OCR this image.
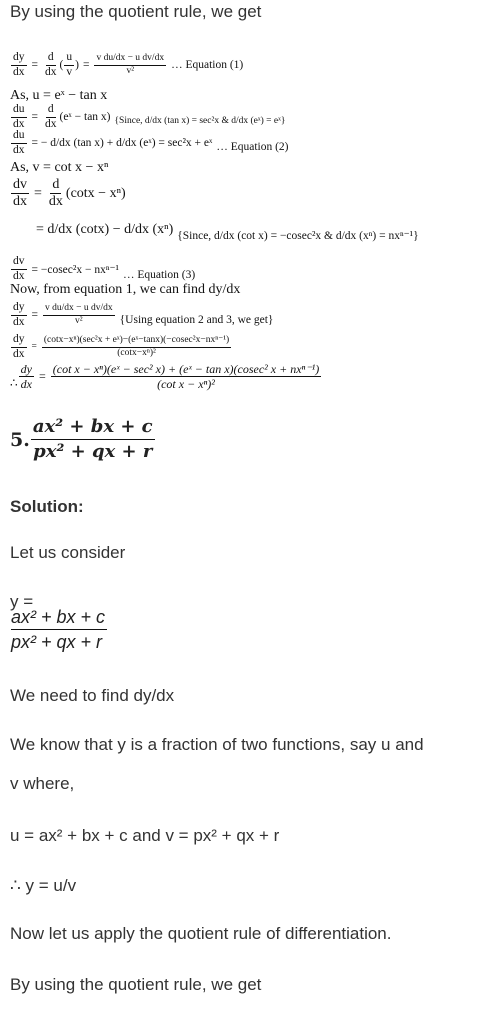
By using the quotient rule, we get
$\frac{dy}{dx} = \frac{d}{dx}$ ( $\frac{u}{v}$ ) = $\frac{\text{v du/dx − u dv/dx}}{\text{v²}}$ … Equation (1)
As, u = eˣ − tan x
$\frac{du}{dx} = \frac{d}{dx}$ (eˣ − tan x) {Since, d/dx (tan x) = sec²x & d/dx (eˣ) = eˣ}
$\frac{du}{dx}$ = − d/dx (tan x) + d/dx (eˣ) = sec²x + eˣ … Equation (2)
As, v = cot x − xⁿ
$\frac{dv}{dx} = \frac{d}{dx} (\cot x - x^n)$
= d/dx (cotx) − d/dx (xⁿ) {Since, d/dx (cot x) = −cosec²x & d/dx (xⁿ) = nxⁿ⁻¹}
$\frac{dv}{dx} = -cosec^2x - nx^{n-1}$ … Equation (3)
Now, from equation 1, we can find dy/dx
$\frac{dy}{dx} = \frac{\text{v du/dx − u dv/dx}}{\text{v²}} \{Using$ equation 2 and 3, we get}
$\frac{dy}{dx} = \frac{\text{(cotx−xⁿ)(sec²x + eˣ)−(eˣ−tanx)(−cosec²x−nxⁿ⁻¹)}}{\text{(cotx−xⁿ)²}}$
∴ $\frac{dy}{dx} = \frac{\text{(cot x − xⁿ)(eˣ − sec² x) + (eˣ − tan x)(cosec² x + nxⁿ⁻¹)}}{\text{(cot x − xⁿ)²}}$
5. $\frac{\text{ax² + bx + c}}{\text{px² + qx + r}}$
Solution:
Let us consider
y =
$\frac{\text{ax² + bx + c}}{\text{px² + qx + r}}$
We need to find dy/dx
We know that y is a fraction of two functions, say u and
v where,
u = ax² + bx + c and v = px² + qx + r
∴ y = u/v
Now let us apply the quotient rule of differentiation.
By using the quotient rule, we get
